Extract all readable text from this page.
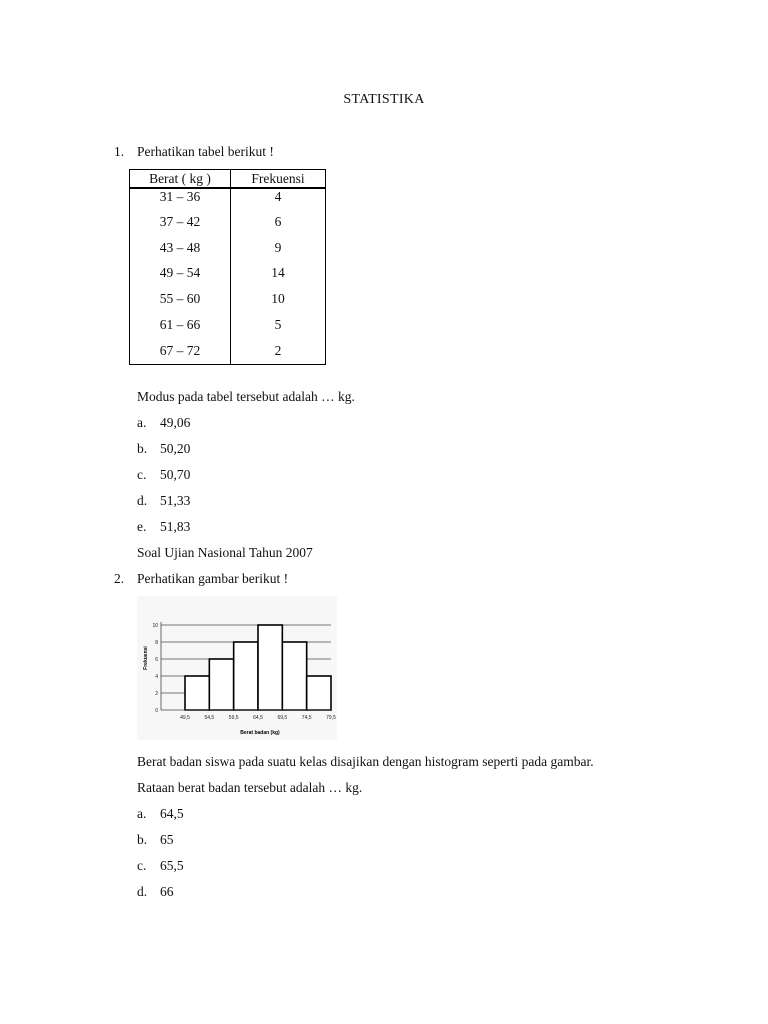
STATISTIKA
1. Perhatikan tabel berikut !
Berat ( kg )	Frekuensi
31 – 36	4
37 – 42	6
43 – 48	9
49 – 54	14
55 – 60	10
61 – 66	5
67 – 72	2
Modus pada tabel tersebut adalah … kg.
a. 49,06
b. 50,20
c. 50,70
d. 51,33
e. 51,83
Soal Ujian Nasional Tahun 2007
2. Perhatikan gambar berikut !
0
2
4
6
8
10
49,5	54,5	59,5	64,5	69,5	74,5	79,5
Frekuensi
Berat badan (kg)
Berat badan siswa pada suatu kelas disajikan dengan histogram seperti pada gambar.
Rataan berat badan tersebut adalah … kg.
a. 64,5
b. 65
c. 65,5
d. 66
